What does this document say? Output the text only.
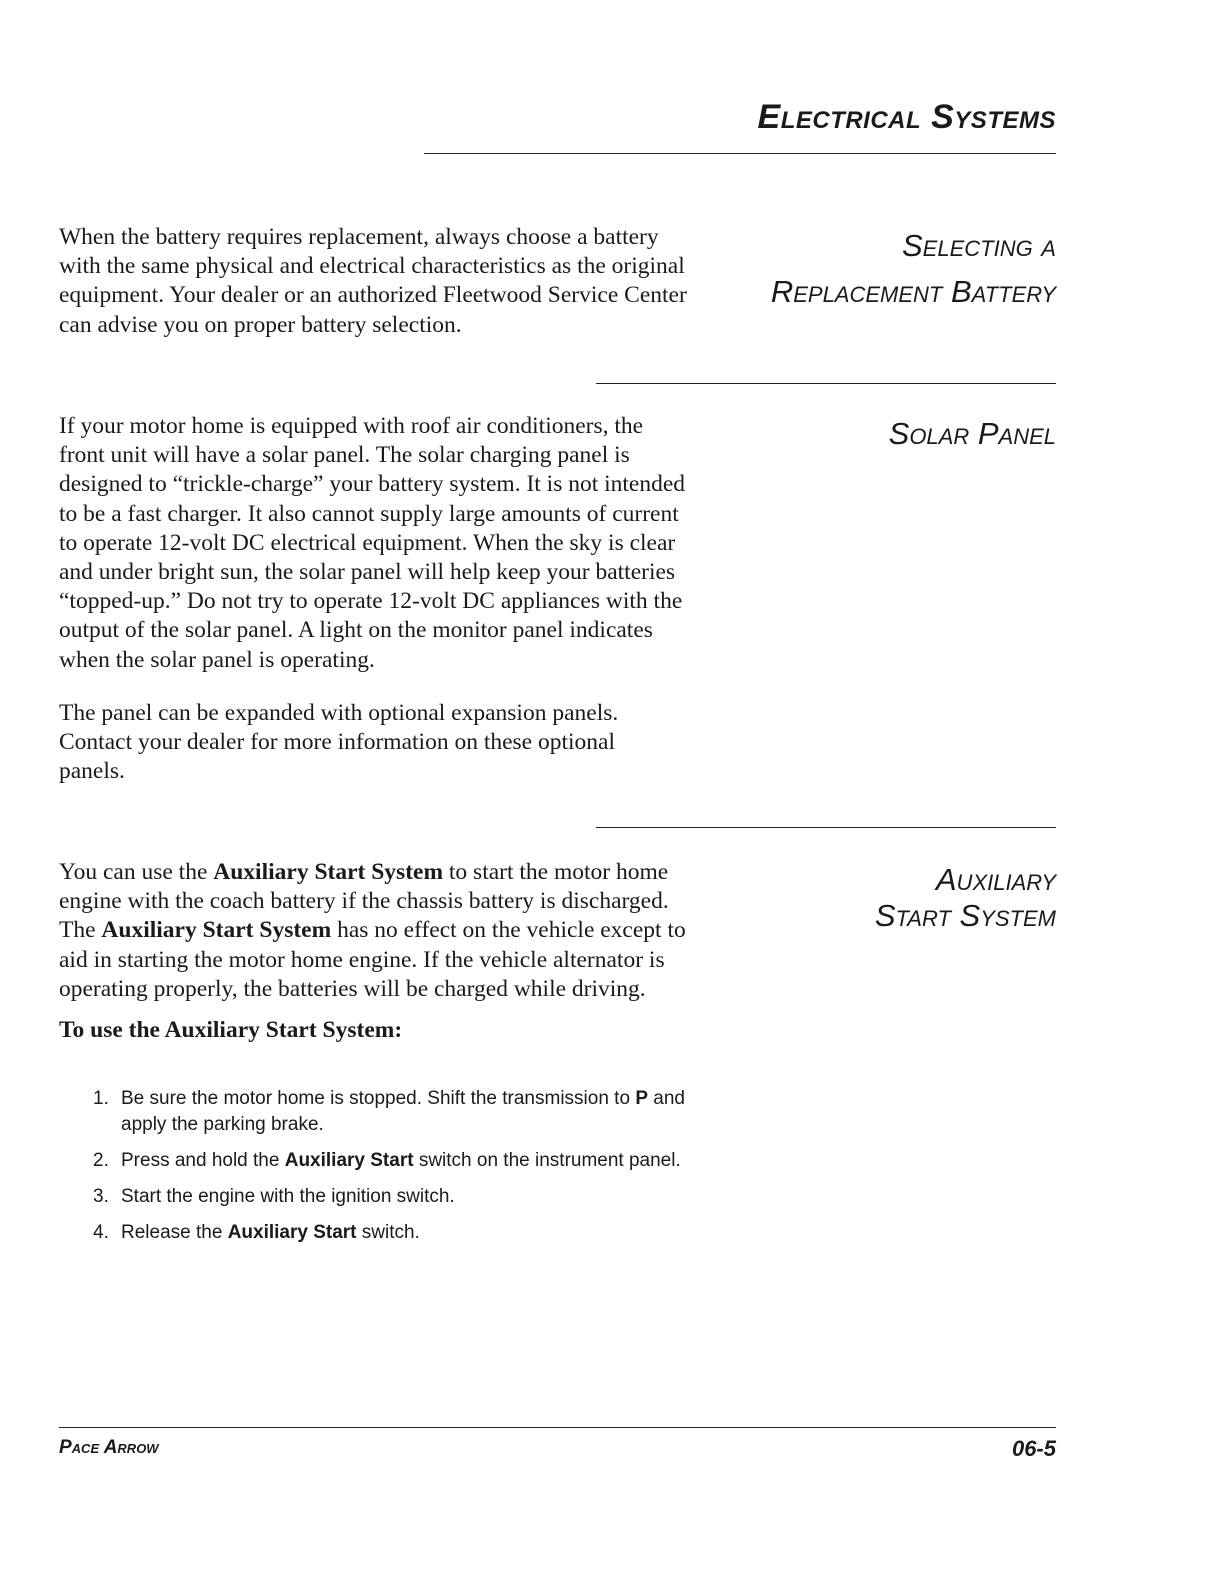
Electrical Systems

When the battery requires replacement, always choose a battery with the same physical and electrical characteristics as the original equipment. Your dealer or an authorized Fleetwood Service Center can advise you on proper battery selection.

Selecting a
Replacement Battery

If your motor home is equipped with roof air conditioners, the front unit will have a solar panel. The solar charging panel is designed to “trickle-charge” your battery system. It is not intended to be a fast charger. It also cannot supply large amounts of current to operate 12-volt DC electrical equipment. When the sky is clear and under bright sun, the solar panel will help keep your batteries “topped-up.” Do not try to operate 12-volt DC appliances with the output of the solar panel. A light on the monitor panel indicates when the solar panel is operating.

The panel can be expanded with optional expansion panels. Contact your dealer for more information on these optional panels.

Solar Panel

You can use the Auxiliary Start System to start the motor home engine with the coach battery if the chassis battery is discharged. The Auxiliary Start System has no effect on the vehicle except to aid in starting the motor home engine. If the vehicle alternator is operating properly, the batteries will be charged while driving.

To use the Auxiliary Start System:

Auxiliary
Start System
1. Be sure the motor home is stopped. Shift the transmission to P and apply the parking brake.
2. Press and hold the Auxiliary Start switch on the instrument panel.
3. Start the engine with the ignition switch.
4. Release the Auxiliary Start switch.
Pace Arrow	06-5
